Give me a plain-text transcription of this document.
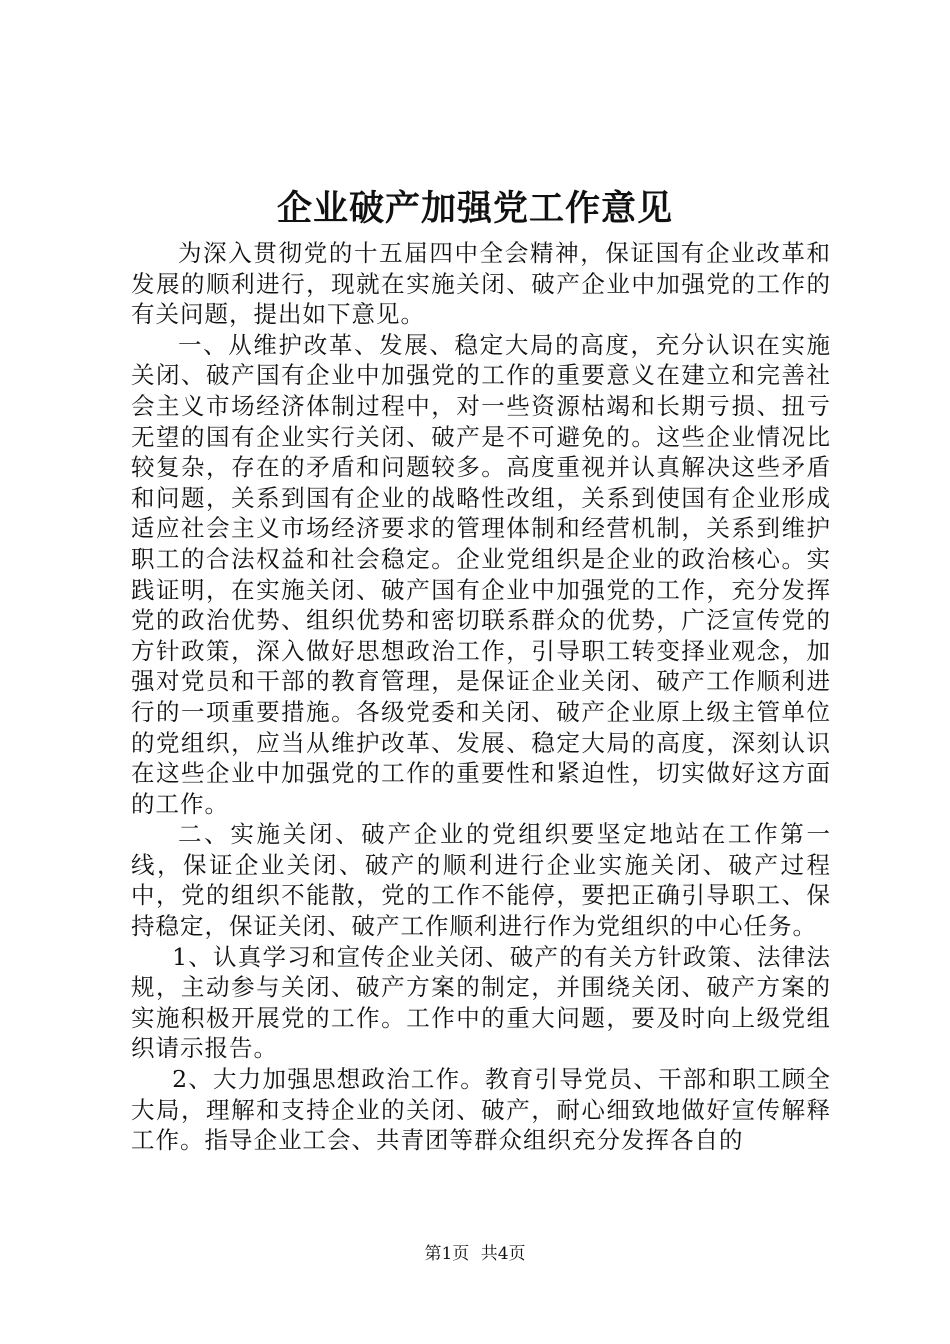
企业破产加强党工作意见

为深入贯彻党的十五届四中全会精神，保证国有企业改革和发展的顺利进行，现就在实施关闭、破产企业中加强党的工作的有关问题，提出如下意见。

一、从维护改革、发展、稳定大局的高度，充分认识在实施关闭、破产国有企业中加强党的工作的重要意义在建立和完善社会主义市场经济体制过程中，对一些资源枯竭和长期亏损、扭亏无望的国有企业实行关闭、破产是不可避免的。这些企业情况比较复杂，存在的矛盾和问题较多。高度重视并认真解决这些矛盾和问题，关系到国有企业的战略性改组，关系到使国有企业形成适应社会主义市场经济要求的管理体制和经营机制，关系到维护职工的合法权益和社会稳定。企业党组织是企业的政治核心。实践证明，在实施关闭、破产国有企业中加强党的工作，充分发挥党的政治优势、组织优势和密切联系群众的优势，广泛宣传党的方针政策，深入做好思想政治工作，引导职工转变择业观念，加强对党员和干部的教育管理，是保证企业关闭、破产工作顺利进行的一项重要措施。各级党委和关闭、破产企业原上级主管单位的党组织，应当从维护改革、发展、稳定大局的高度，深刻认识在这些企业中加强党的工作的重要性和紧迫性，切实做好这方面的工作。

二、实施关闭、破产企业的党组织要坚定地站在工作第一线，保证企业关闭、破产的顺利进行企业实施关闭、破产过程中，党的组织不能散，党的工作不能停，要把正确引导职工、保持稳定，保证关闭、破产工作顺利进行作为党组织的中心任务。

1、认真学习和宣传企业关闭、破产的有关方针政策、法律法规，主动参与关闭、破产方案的制定，并围绕关闭、破产方案的实施积极开展党的工作。工作中的重大问题，要及时向上级党组织请示报告。

2、大力加强思想政治工作。教育引导党员、干部和职工顾全大局，理解和支持企业的关闭、破产，耐心细致地做好宣传解释工作。指导企业工会、共青团等群众组织充分发挥各自的

第1页 共4页
